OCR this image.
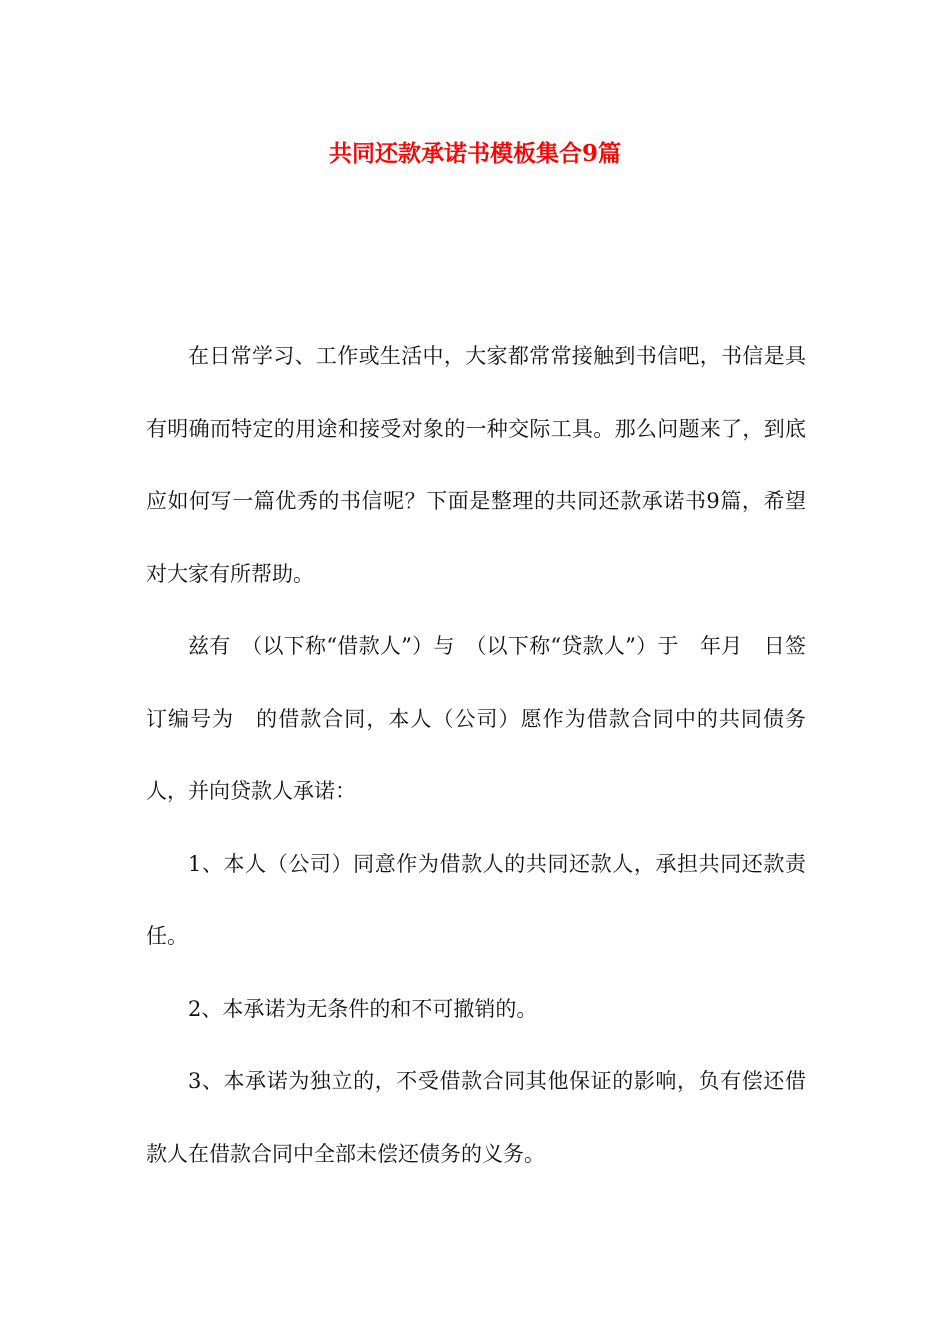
共同还款承诺书模板集合9篇

在日常学习、工作或生活中，大家都常常接触到书信吧，书信是具有明确而特定的用途和接受对象的一种交际工具。那么问题来了，到底应如何写一篇优秀的书信呢？下面是整理的共同还款承诺书9篇，希望对大家有所帮助。

兹有　（以下称“借款人”）与　（以下称“贷款人”）于　年月　日签订编号为　的借款合同，本人（公司）愿作为借款合同中的共同债务人，并向贷款人承诺：

1、本人（公司）同意作为借款人的共同还款人，承担共同还款责任。

2、本承诺为无条件的和不可撤销的。

3、本承诺为独立的，不受借款合同其他保证的影响，负有偿还借款人在借款合同中全部未偿还债务的义务。
